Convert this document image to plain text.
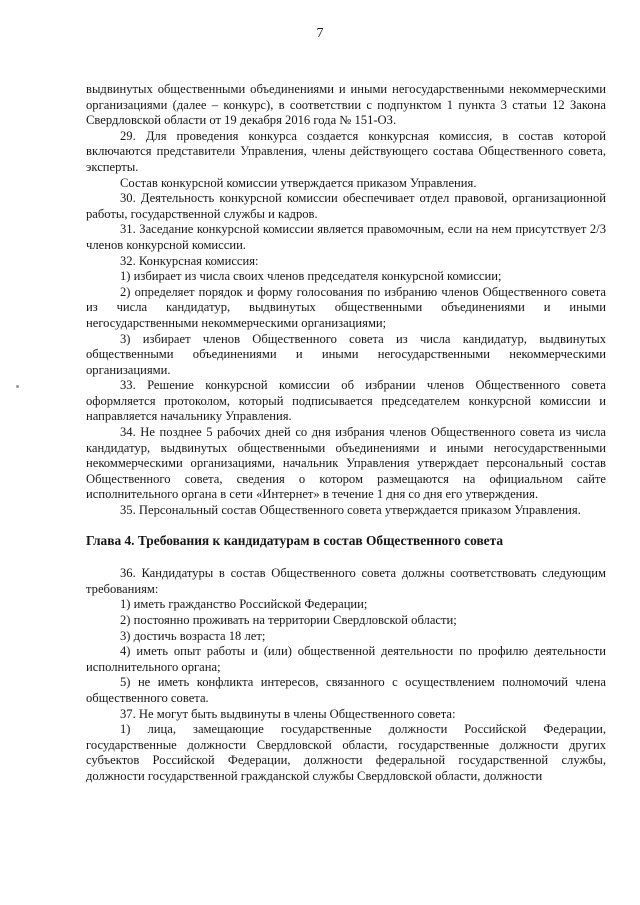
7
выдвинутых общественными объединениями и иными негосударственными некоммерческими организациями (далее – конкурс), в соответствии с подпунктом 1 пункта 3 статьи 12 Закона Свердловской области от 19 декабря 2016 года № 151-ОЗ.
29. Для проведения конкурса создается конкурсная комиссия, в состав которой включаются представители Управления, члены действующего состава Общественного совета, эксперты.
Состав конкурсной комиссии утверждается приказом Управления.
30. Деятельность конкурсной комиссии обеспечивает отдел правовой, организационной работы, государственной службы и кадров.
31. Заседание конкурсной комиссии является правомочным, если на нем присутствует 2/3 членов конкурсной комиссии.
32. Конкурсная комиссия:
1) избирает из числа своих членов председателя конкурсной комиссии;
2) определяет порядок и форму голосования по избранию членов Общественного совета из числа кандидатур, выдвинутых общественными объединениями и иными негосударственными некоммерческими организациями;
3) избирает членов Общественного совета из числа кандидатур, выдвинутых общественными объединениями и иными негосударственными некоммерческими организациями.
33. Решение конкурсной комиссии об избрании членов Общественного совета оформляется протоколом, который подписывается председателем конкурсной комиссии и направляется начальнику Управления.
34. Не позднее 5 рабочих дней со дня избрания членов Общественного совета из числа кандидатур, выдвинутых общественными объединениями и иными негосударственными некоммерческими организациями, начальник Управления утверждает персональный состав Общественного совета, сведения о котором размещаются на официальном сайте исполнительного органа в сети «Интернет» в течение 1 дня со дня его утверждения.
35. Персональный состав Общественного совета утверждается приказом Управления.
Глава 4. Требования к кандидатурам в состав Общественного совета
36. Кандидатуры в состав Общественного совета должны соответствовать следующим требованиям:
1) иметь гражданство Российской Федерации;
2) постоянно проживать на территории Свердловской области;
3) достичь возраста 18 лет;
4) иметь опыт работы и (или) общественной деятельности по профилю деятельности исполнительного органа;
5) не иметь конфликта интересов, связанного с осуществлением полномочий члена общественного совета.
37. Не могут быть выдвинуты в члены Общественного совета:
1) лица, замещающие государственные должности Российской Федерации, государственные должности Свердловской области, государственные должности других субъектов Российской Федерации, должности федеральной государственной службы, должности государственной гражданской службы Свердловской области, должности
